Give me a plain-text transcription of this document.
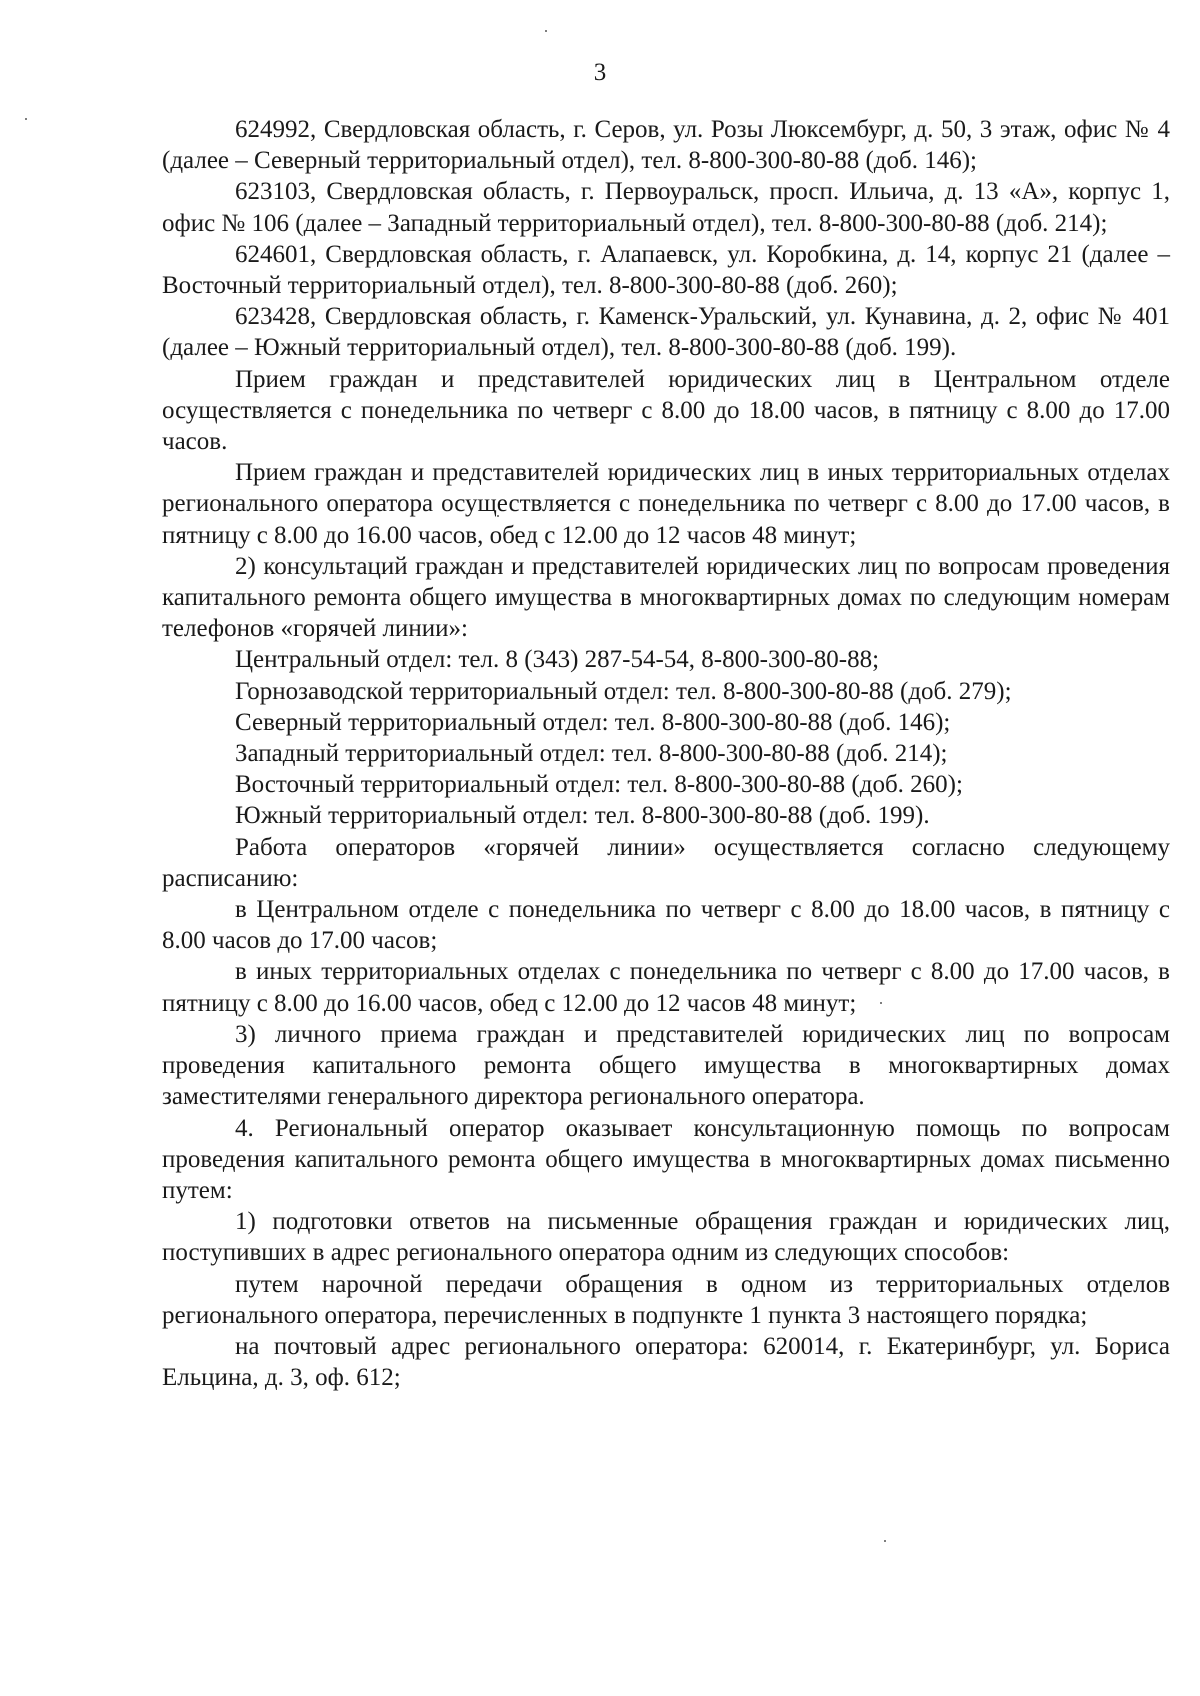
3

624992, Свердловская область, г. Серов, ул. Розы Люксембург, д. 50, 3 этаж, офис № 4 (далее – Северный территориальный отдел), тел. 8-800-300-80-88 (доб. 146);

623103, Свердловская область, г. Первоуральск, просп. Ильича, д. 13 «А», корпус 1, офис № 106 (далее – Западный территориальный отдел), тел. 8-800-300-80-88 (доб. 214);

624601, Свердловская область, г. Алапаевск, ул. Коробкина, д. 14, корпус 21 (далее – Восточный территориальный отдел), тел. 8-800-300-80-88 (доб. 260);

623428, Свердловская область, г. Каменск-Уральский, ул. Кунавина, д. 2, офис № 401 (далее – Южный территориальный отдел), тел. 8-800-300-80-88 (доб. 199).

Прием граждан и представителей юридических лиц в Центральном отделе осуществляется с понедельника по четверг с 8.00 до 18.00 часов, в пятницу с 8.00 до 17.00 часов.

Прием граждан и представителей юридических лиц в иных территориальных отделах регионального оператора осуществляется с понедельника по четверг с 8.00 до 17.00 часов, в пятницу с 8.00 до 16.00 часов, обед с 12.00 до 12 часов 48 минут;

2) консультаций граждан и представителей юридических лиц по вопросам проведения капитального ремонта общего имущества в многоквартирных домах по следующим номерам телефонов «горячей линии»:

Центральный отдел: тел. 8 (343) 287-54-54, 8-800-300-80-88;

Горнозаводской территориальный отдел: тел. 8-800-300-80-88 (доб. 279);

Северный территориальный отдел: тел. 8-800-300-80-88 (доб. 146);

Западный территориальный отдел: тел. 8-800-300-80-88 (доб. 214);

Восточный территориальный отдел: тел. 8-800-300-80-88 (доб. 260);

Южный территориальный отдел: тел. 8-800-300-80-88 (доб. 199).

Работа операторов «горячей линии» осуществляется согласно следующему расписанию:

в Центральном отделе с понедельника по четверг с 8.00 до 18.00 часов, в пятницу с 8.00 часов до 17.00 часов;

в иных территориальных отделах с понедельника по четверг с 8.00 до 17.00 часов, в пятницу с 8.00 до 16.00 часов, обед с 12.00 до 12 часов 48 минут;

3) личного приема граждан и представителей юридических лиц по вопросам проведения капитального ремонта общего имущества в многоквартирных домах заместителями генерального директора регионального оператора.

4. Региональный оператор оказывает консультационную помощь по вопросам проведения капитального ремонта общего имущества в многоквартирных домах письменно путем:

1) подготовки ответов на письменные обращения граждан и юридических лиц, поступивших в адрес регионального оператора одним из следующих способов:

путем нарочной передачи обращения в одном из территориальных отделов регионального оператора, перечисленных в подпункте 1 пункта 3 настоящего порядка;

на почтовый адрес регионального оператора: 620014, г. Екатеринбург, ул. Бориса Ельцина, д. 3, оф. 612;
